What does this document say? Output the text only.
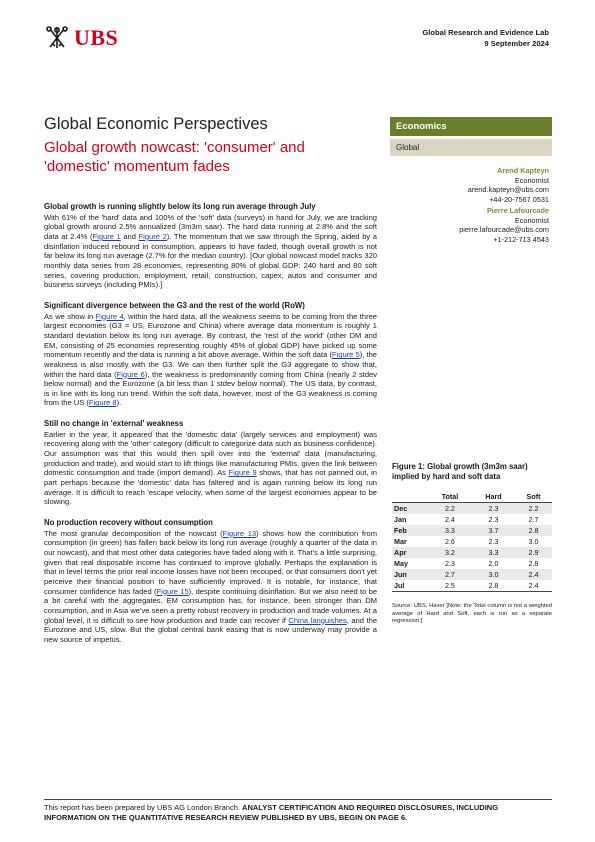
UBS	Global Research and Evidence Lab
9 September 2024
Global Economic Perspectives
Global growth nowcast: 'consumer' and 'domestic' momentum fades
Economics
Global
Arend Kapteyn
Economist
arend.kapteyn@ubs.com
+44-20-7567 0531
Pierre Lafourcade
Economist
pierre.lafourcade@ubs.com
+1-212-713 4543
Global growth is running slightly below its long run average through July

With 61% of the 'hard' data and 100% of the 'soft' data (surveys) in hand for July, we are tracking global growth around 2.5% annualized (3m3m saar). The hard data running at 2.8% and the soft data at 2.4% (Figure 1 and Figure 2). The momentum that we saw through the Spring, aided by a disinflation induced rebound in consumption, appears to have faded, though overall growth is not far below its long run average (2.7% for the median country). [Our global nowcast model tracks 320 monthly data series from 28 economies, representing 80% of global GDP: 240 hard and 80 soft series, covering production, employment, retail, construction, capex, autos and consumer and business surveys (including PMIs).]

Significant divergence between the G3 and the rest of the world (RoW)

As we show in Figure 4, within the hard data, all the weakness seems to be coming from the three largest economies (G3 = US, Eurozone and China) where average data momentum is roughly 1 standard deviation below its long run average. By contrast, the 'rest of the world' (other DM and EM, consisting of 25 economies representing roughly 45% of global GDP) have picked up some momentum recently and the data is running a bit above average. Within the soft data (Figure 5), the weakness is also mostly with the G3. We can then further split the G3 aggregate to show that, within the hard data (Figure 6), the weakness is predominantly coming from China (nearly 2 stdev below normal) and the Eurozone (a bit less than 1 stdev below normal). The US data, by contrast, is in line with its long run trend. Within the soft data, however, most of the G3 weakness is coming from the US (Figure 8).

Still no change in 'external' weakness

Earlier in the year, it appeared that the 'domestic data' (largely services and employment) was recovering along with the 'other' category (difficult to categorize data such as business confidence). Our assumption was that this would then spill over into the 'external' data (manufacturing, production and trade), and would start to lift things like manufacturing PMIs, given the link between domestic consumption and trade (import demand). As Figure 9 shows, that has not panned out, in part perhaps because the 'domestic' data has faltered and is again running below its long run average. It is difficult to reach 'escape velocity, when some of the largest economies appear to be slowing.

No production recovery without consumption

The most granular decomposition of the nowcast (Figure 13) shows how the contribution from consumption (in green) has fallen back below its long run average (roughly a quarter of the data in our nowcast), and that most other data categories have faded along with it. That's a little surprising, given that real disposable income has continued to improve globally. Perhaps the explanation is that in level terms the prior real income losses have not been recouped, or that consumers don't yet perceive their financial position to have sufficiently improved. It is notable, for instance, that consumer confidence has faded (Figure 15), despite continuing disinflation. But we also need to be a bit careful with the aggregates. EM consumption has, for instance, been stronger than DM consumption, and in Asia we've seen a pretty robust recovery in production and trade volumes. At a global level, it is difficult to see how production and trade can recover if China languishes, and the Eurozone and US, slow. But the global central bank easing that is now underway may provide a new source of impetus.

Figure 1: Global growth (3m3m saar) implied by hard and soft data
	Total	Hard	Soft
Dec	2.2	2.3	2.2
Jan	2.4	2.3	2.7
Feb	3.3	3.7	2.8
Mar	2.6	2.3	3.0
Apr	3.2	3.3	2.9
May	2.3	2.0	2.8
Jun	2.7	3.0	2.4
Jul	2.5	2.8	2.4
Source: UBS, Haver [Note: the Total column is not a weighted average of Hard and Soft, each is run as a separate regression.]
This report has been prepared by UBS AG London Branch. ANALYST CERTIFICATION AND REQUIRED DISCLOSURES, INCLUDING INFORMATION ON THE QUANTITATIVE RESEARCH REVIEW PUBLISHED BY UBS, BEGIN ON PAGE 6.
